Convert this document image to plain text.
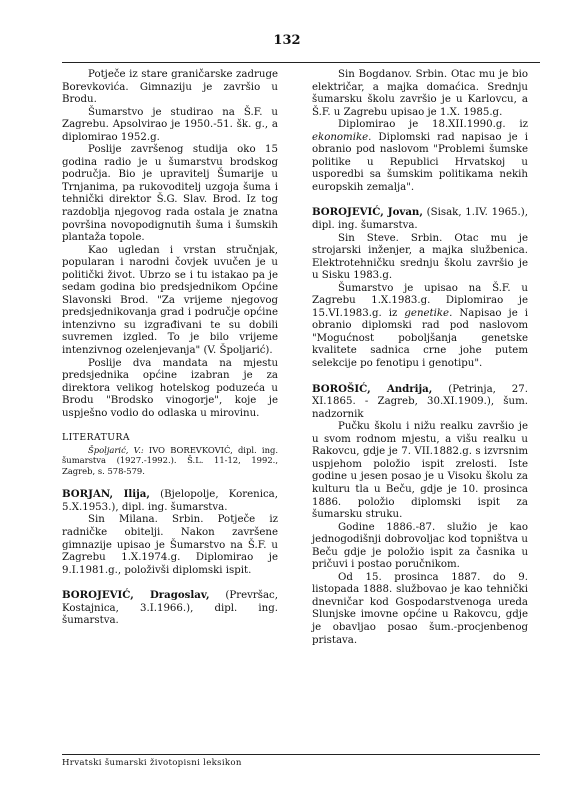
132

Potječe iz stare graničarske zadruge Borevkovića. Gimnaziju je završio u Brodu.

Šumarstvo je studirao na Š.F. u Zagrebu. Apsolvirao je 1950.-51. šk. g., a diplomirao 1952.g.

Poslije završenog studija oko 15 godina radio je u šumarstvu brodskog područja. Bio je upravitelj Šumarije u Trnjanima, pa rukovoditelj uzgoja šuma i tehnički direktor Š.G. Slav. Brod. Iz tog razdoblja njegovog rada ostala je znatna površina novopodignutih šuma i šumskih plantaža topole.

Kao ugledan i vrstan stručnjak, popularan i narodni čovjek uvučen je u politički život. Ubrzo se i tu istakao pa je sedam godina bio predsjednikom Općine Slavonski Brod. "Za vrijeme njegovog predsjednikovanja grad i područje općine intenzivno su izgrađivani te su dobili suvremen izgled. To je bilo vrijeme intenzivnog ozelenjevanja" (V. Špoljarić).

Poslije dva mandata na mjestu predsjednika općine izabran je za direktora velikog hotelskog poduzeća u Brodu "Brodsko vinogorje", koje je uspješno vodio do odlaska u mirovinu.

LITERATURA

Špoljarić, V.: IVO BOREVKOVIĆ, dipl. ing. šumarstva (1927.-1992.). Š.L. 11-12, 1992., Zagreb, s. 578-579.

BORJAN, Ilija, (Bjelopolje, Korenica, 5.X.1953.), dipl. ing. šumarstva.

Sin Milana. Srbin. Potječe iz radničke obitelji. Nakon završene gimnazije upisao je Šumarstvo na Š.F. u Zagrebu 1.X.1974.g. Diplomirao je 9.I.1981.g., položivši diplomski ispit.

BOROJEVIĆ, Dragoslav, (Prevršac, Kostajnica, 3.I.1966.), dipl. ing. šumarstva.

Sin Bogdanov. Srbin. Otac mu je bio električar, a majka domaćica. Srednju šumarsku školu završio je u Karlovcu, a Š.F. u Zagrebu upisao je 1.X. 1985.g.

Diplomirao je 18.XII.1990.g. iz ekonomike. Diplomski rad napisao je i obranio pod naslovom "Problemi šumske politike u Republici Hrvatskoj u usporedbi sa šumskim politikama nekih europskih zemalja".

BOROJEVIĆ, Jovan, (Sisak, 1.IV. 1965.), dipl. ing. šumarstva.

Sin Steve. Srbin. Otac mu je strojarski inženjer, a majka službenica. Elektrotehničku srednju školu završio je u Sisku 1983.g.

Šumarstvo je upisao na Š.F. u Zagrebu 1.X.1983.g. Diplomirao je 15.VI.1983.g. iz genetike. Napisao je i obranio diplomski rad pod naslovom "Mogućnost poboljšanja genetske kvalitete sadnica crne johe putem selekcije po fenotipu i genotipu".

BOROŠIĆ, Andrija, (Petrinja, 27. XI.1865. - Zagreb, 30.XI.1909.), šum. nadzornik

Pučku školu i nižu realku završio je u svom rodnom mjestu, a višu realku u Rakovcu, gdje je 7. VII.1882.g. s izvrsnim uspjehom položio ispit zrelosti. Iste godine u jesen posao je u Visoku školu za kulturu tla u Beču, gdje je 10. prosinca 1886. položio diplomski ispit za šumarsku struku.

Godine 1886.-87. služio je kao jednogodišnji dobrovoljac kod topništva u Beču gdje je položio ispit za časnika u pričuvi i postao poručnikom.

Od 15. prosinca 1887. do 9. listopada 1888. službovao je kao tehnički dnevničar kod Gospodarstvenoga ureda Slunjske imovne općine u Rakovcu, gdje je obavljao posao šum.-procjenbenog pristava.

Hrvatski šumarski životopisni leksikon
